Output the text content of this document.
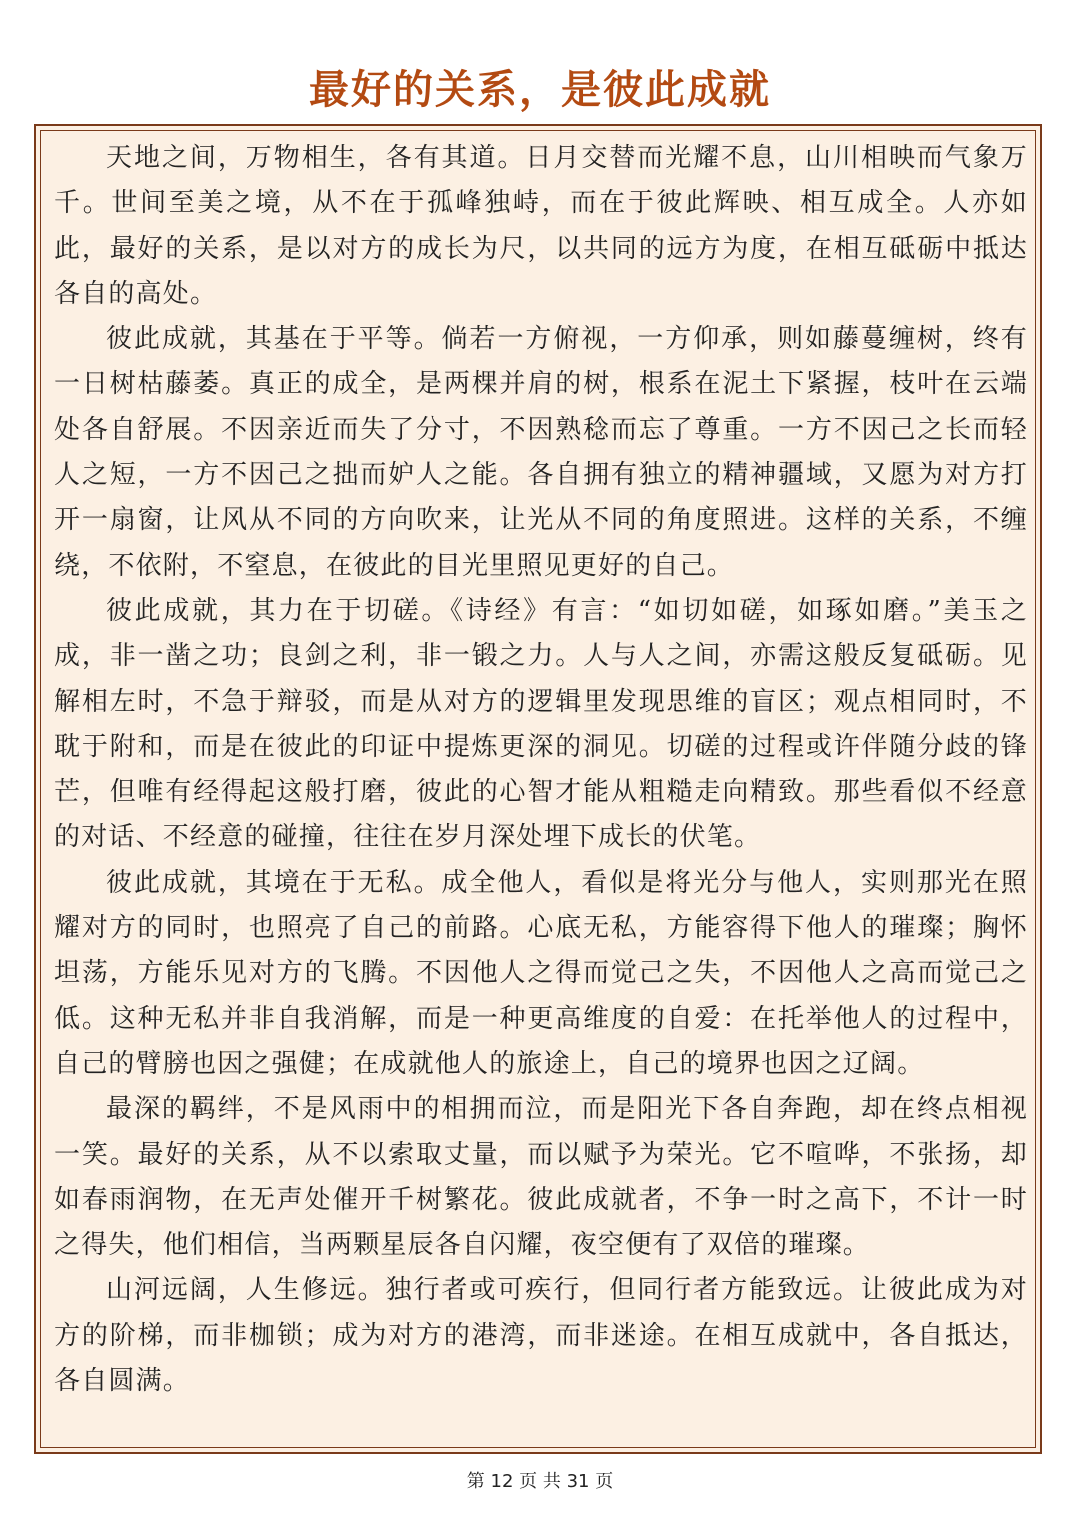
最好的关系，是彼此成就

天地之间，万物相生，各有其道。日月交替而光耀不息，山川相映而气象万千。世间至美之境，从不在于孤峰独峙，而在于彼此辉映、相互成全。人亦如此，最好的关系，是以对方的成长为尺，以共同的远方为度，在相互砥砺中抵达各自的高处。

彼此成就，其基在于平等。倘若一方俯视，一方仰承，则如藤蔓缠树，终有一日树枯藤萎。真正的成全，是两棵并肩的树，根系在泥土下紧握，枝叶在云端处各自舒展。不因亲近而失了分寸，不因熟稔而忘了尊重。一方不因己之长而轻人之短，一方不因己之拙而妒人之能。各自拥有独立的精神疆域，又愿为对方打开一扇窗，让风从不同的方向吹来，让光从不同的角度照进。这样的关系，不缠绕，不依附，不窒息，在彼此的目光里照见更好的自己。

彼此成就，其力在于切磋。《诗经》有言：“如切如磋，如琢如磨。”美玉之成，非一凿之功；良剑之利，非一锻之力。人与人之间，亦需这般反复砥砺。见解相左时，不急于辩驳，而是从对方的逻辑里发现思维的盲区；观点相同时，不耽于附和，而是在彼此的印证中提炼更深的洞见。切磋的过程或许伴随分歧的锋芒，但唯有经得起这般打磨，彼此的心智才能从粗糙走向精致。那些看似不经意的对话、不经意的碰撞，往往在岁月深处埋下成长的伏笔。

彼此成就，其境在于无私。成全他人，看似是将光分与他人，实则那光在照耀对方的同时，也照亮了自己的前路。心底无私，方能容得下他人的璀璨；胸怀坦荡，方能乐见对方的飞腾。不因他人之得而觉己之失，不因他人之高而觉己之低。这种无私并非自我消解，而是一种更高维度的自爱：在托举他人的过程中，自己的臂膀也因之强健；在成就他人的旅途上，自己的境界也因之辽阔。

最深的羁绊，不是风雨中的相拥而泣，而是阳光下各自奔跑，却在终点相视一笑。最好的关系，从不以索取丈量，而以赋予为荣光。它不喧哗，不张扬，却如春雨润物，在无声处催开千树繁花。彼此成就者，不争一时之高下，不计一时之得失，他们相信，当两颗星辰各自闪耀，夜空便有了双倍的璀璨。

山河远阔，人生修远。独行者或可疾行，但同行者方能致远。让彼此成为对方的阶梯，而非枷锁；成为对方的港湾，而非迷途。在相互成就中，各自抵达，各自圆满。

第 12 页 共 31 页
